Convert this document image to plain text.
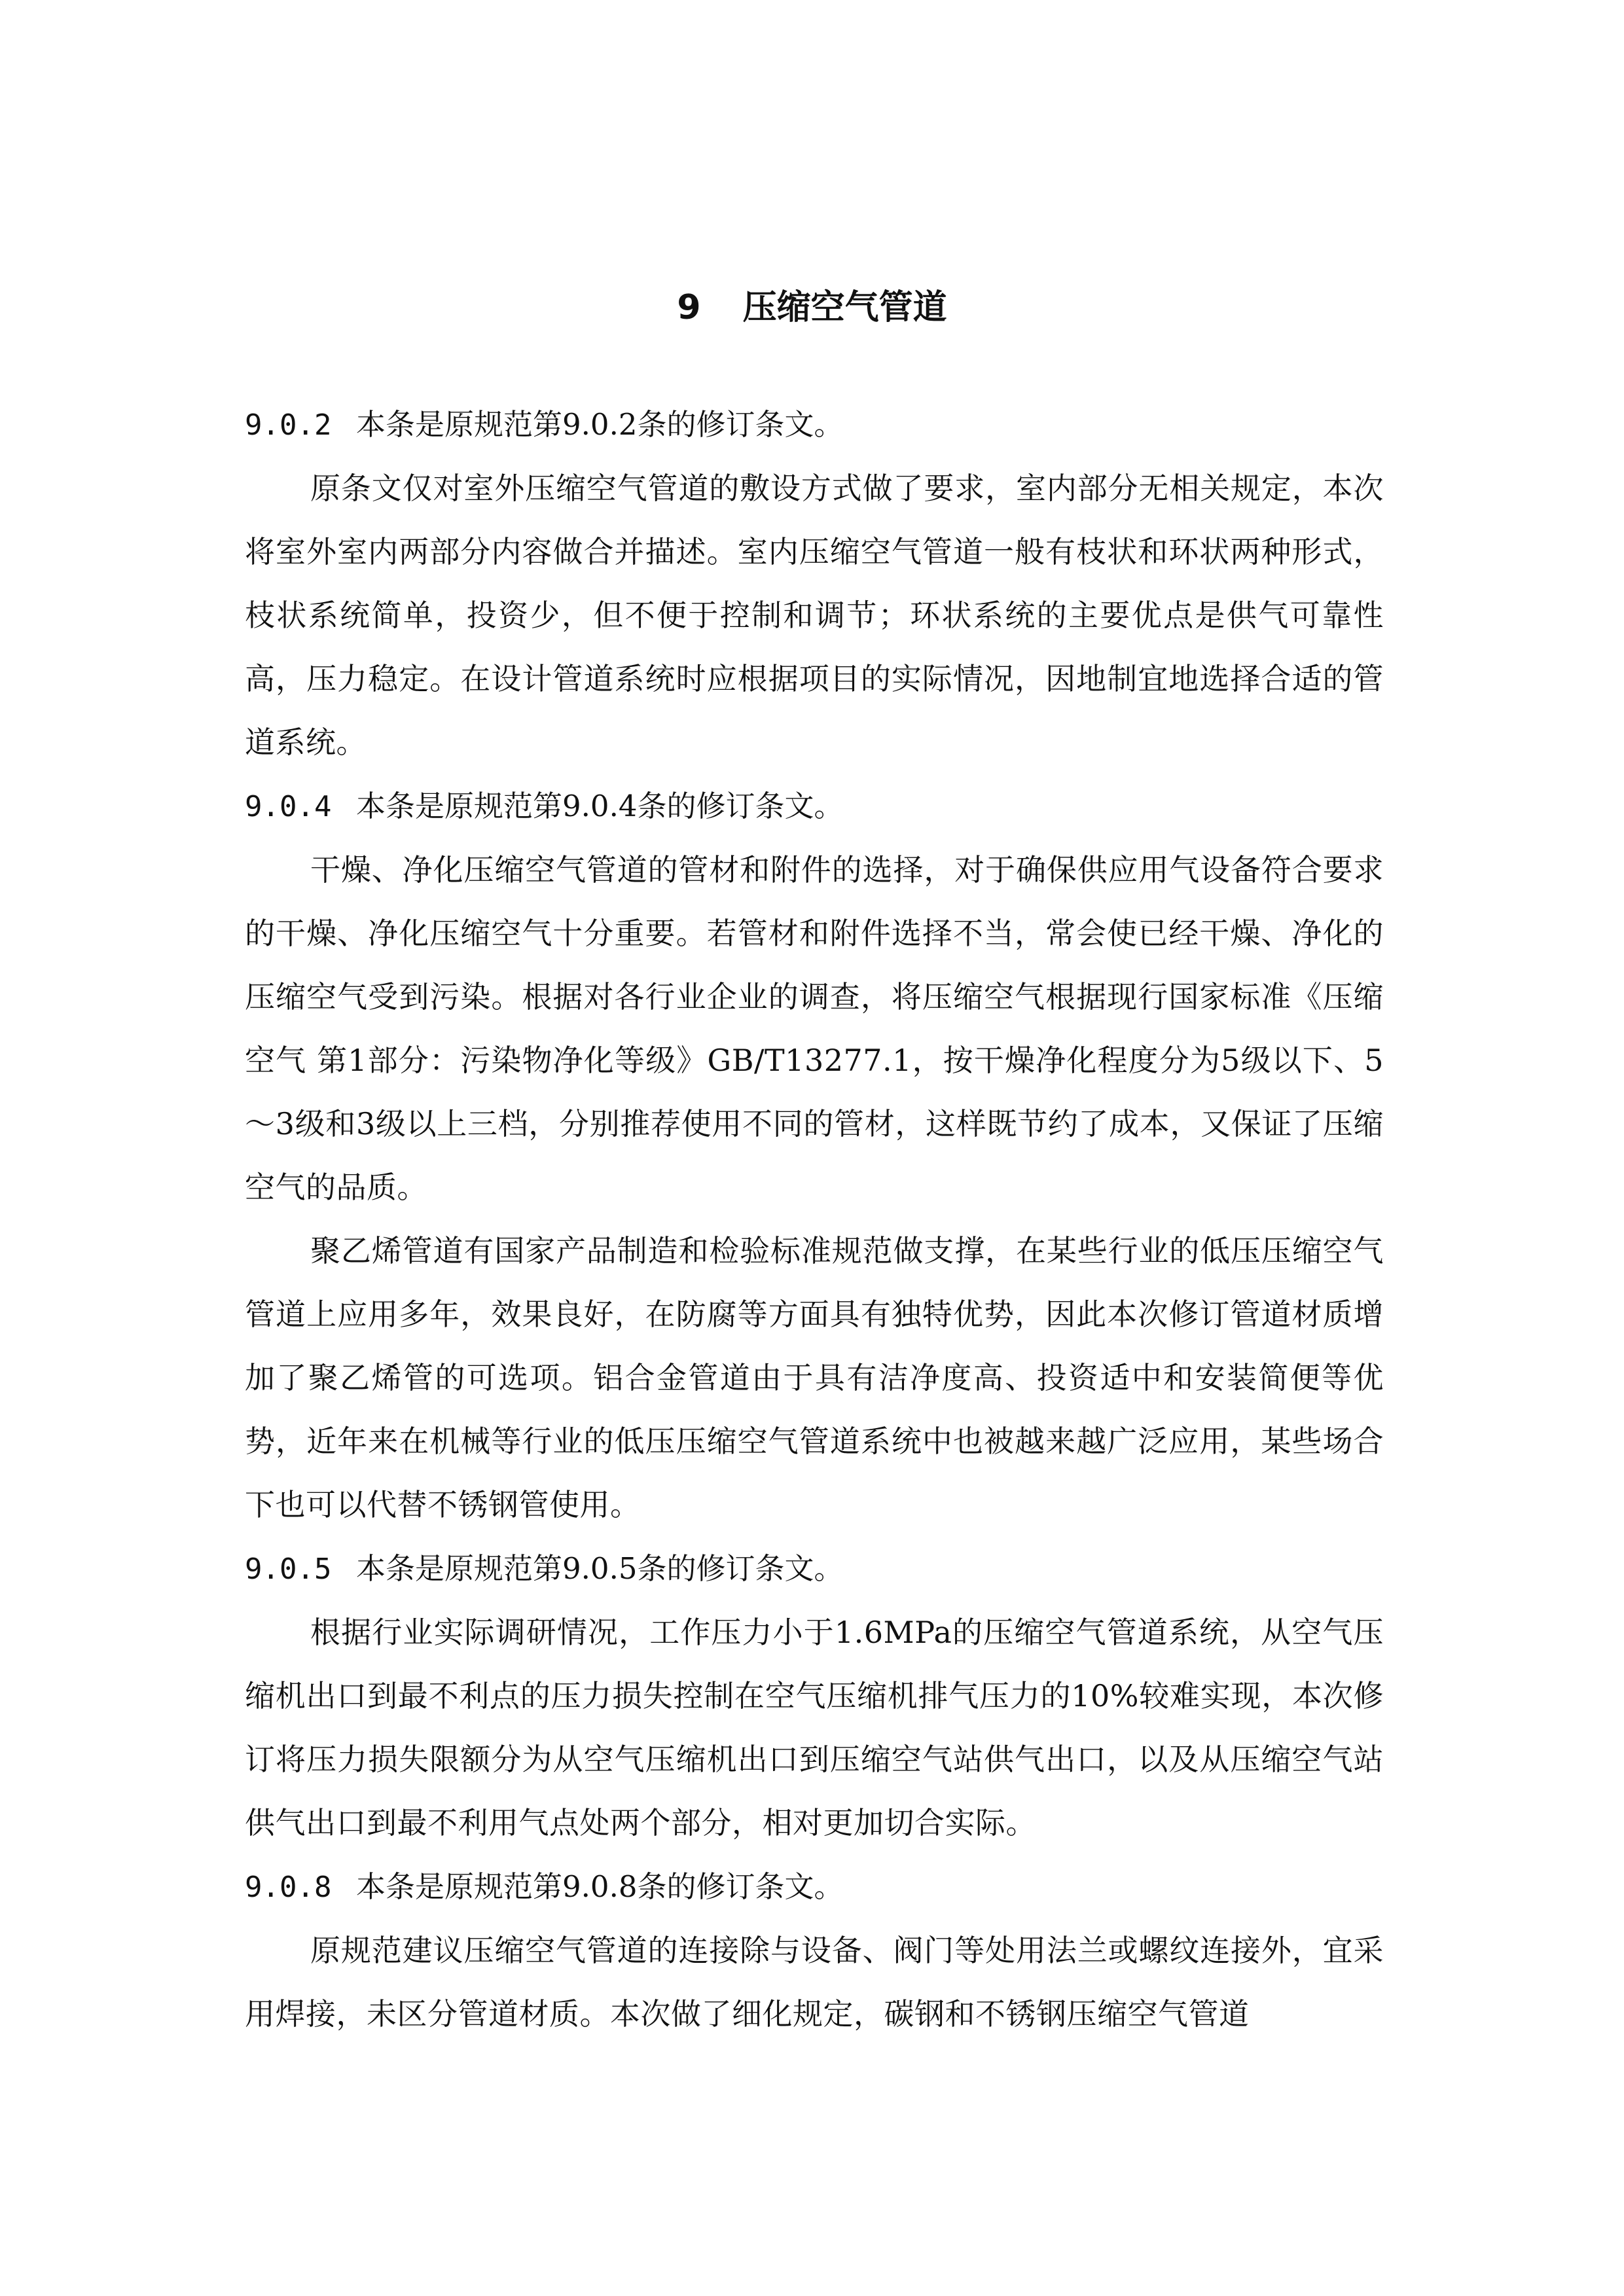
9 压缩空气管道

9.0.2 本条是原规范第9.0.2条的修订条文。

原条文仅对室外压缩空气管道的敷设方式做了要求，室内部分无相关规定，本次将室外室内两部分内容做合并描述。室内压缩空气管道一般有枝状和环状两种形式，枝状系统简单，投资少，但不便于控制和调节；环状系统的主要优点是供气可靠性高，压力稳定。在设计管道系统时应根据项目的实际情况，因地制宜地选择合适的管道系统。

9.0.4 本条是原规范第9.0.4条的修订条文。

干燥、净化压缩空气管道的管材和附件的选择，对于确保供应用气设备符合要求的干燥、净化压缩空气十分重要。若管材和附件选择不当，常会使已经干燥、净化的压缩空气受到污染。根据对各行业企业的调查，将压缩空气根据现行国家标准《压缩空气 第1部分：污染物净化等级》GB/T13277.1，按干燥净化程度分为5级以下、5～3级和3级以上三档，分别推荐使用不同的管材，这样既节约了成本，又保证了压缩空气的品质。

聚乙烯管道有国家产品制造和检验标准规范做支撑，在某些行业的低压压缩空气管道上应用多年，效果良好，在防腐等方面具有独特优势，因此本次修订管道材质增加了聚乙烯管的可选项。铝合金管道由于具有洁净度高、投资适中和安装简便等优势，近年来在机械等行业的低压压缩空气管道系统中也被越来越广泛应用，某些场合下也可以代替不锈钢管使用。

9.0.5 本条是原规范第9.0.5条的修订条文。

根据行业实际调研情况，工作压力小于1.6MPa的压缩空气管道系统，从空气压缩机出口到最不利点的压力损失控制在空气压缩机排气压力的10%较难实现，本次修订将压力损失限额分为从空气压缩机出口到压缩空气站供气出口，以及从压缩空气站供气出口到最不利用气点处两个部分，相对更加切合实际。

9.0.8 本条是原规范第9.0.8条的修订条文。

原规范建议压缩空气管道的连接除与设备、阀门等处用法兰或螺纹连接外，宜采用焊接，未区分管道材质。本次做了细化规定，碳钢和不锈钢压缩空气管道
